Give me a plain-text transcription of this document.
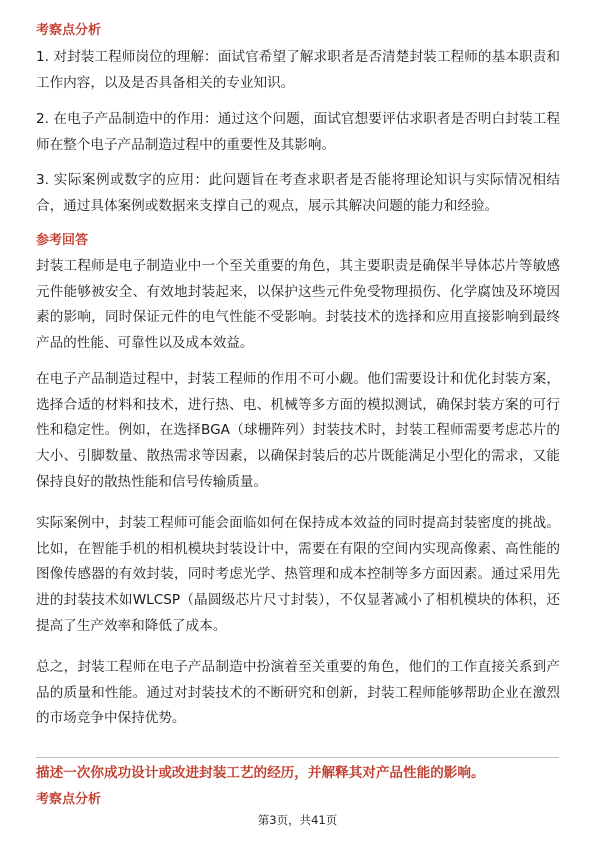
考察点分析

1. 对封装工程师岗位的理解：面试官希望了解求职者是否清楚封装工程师的基本职责和工作内容，以及是否具备相关的专业知识。

2. 在电子产品制造中的作用：通过这个问题，面试官想要评估求职者是否明白封装工程师在整个电子产品制造过程中的重要性及其影响。

3. 实际案例或数字的应用：此问题旨在考查求职者是否能将理论知识与实际情况相结合，通过具体案例或数据来支撑自己的观点，展示其解决问题的能力和经验。

参考回答

封装工程师是电子制造业中一个至关重要的角色，其主要职责是确保半导体芯片等敏感元件能够被安全、有效地封装起来，以保护这些元件免受物理损伤、化学腐蚀及环境因素的影响，同时保证元件的电气性能不受影响。封装技术的选择和应用直接影响到最终产品的性能、可靠性以及成本效益。

在电子产品制造过程中，封装工程师的作用不可小觑。他们需要设计和优化封装方案，选择合适的材料和技术，进行热、电、机械等多方面的模拟测试，确保封装方案的可行性和稳定性。例如，在选择BGA（球栅阵列）封装技术时，封装工程师需要考虑芯片的大小、引脚数量、散热需求等因素，以确保封装后的芯片既能满足小型化的需求，又能保持良好的散热性能和信号传输质量。

实际案例中，封装工程师可能会面临如何在保持成本效益的同时提高封装密度的挑战。比如，在智能手机的相机模块封装设计中，需要在有限的空间内实现高像素、高性能的图像传感器的有效封装，同时考虑光学、热管理和成本控制等多方面因素。通过采用先进的封装技术如WLCSP（晶圆级芯片尺寸封装），不仅显著减小了相机模块的体积，还提高了生产效率和降低了成本。

总之，封装工程师在电子产品制造中扮演着至关重要的角色，他们的工作直接关系到产品的质量和性能。通过对封装技术的不断研究和创新，封装工程师能够帮助企业在激烈的市场竞争中保持优势。

描述一次你成功设计或改进封装工艺的经历，并解释其对产品性能的影响。
考察点分析
第3页，共41页
